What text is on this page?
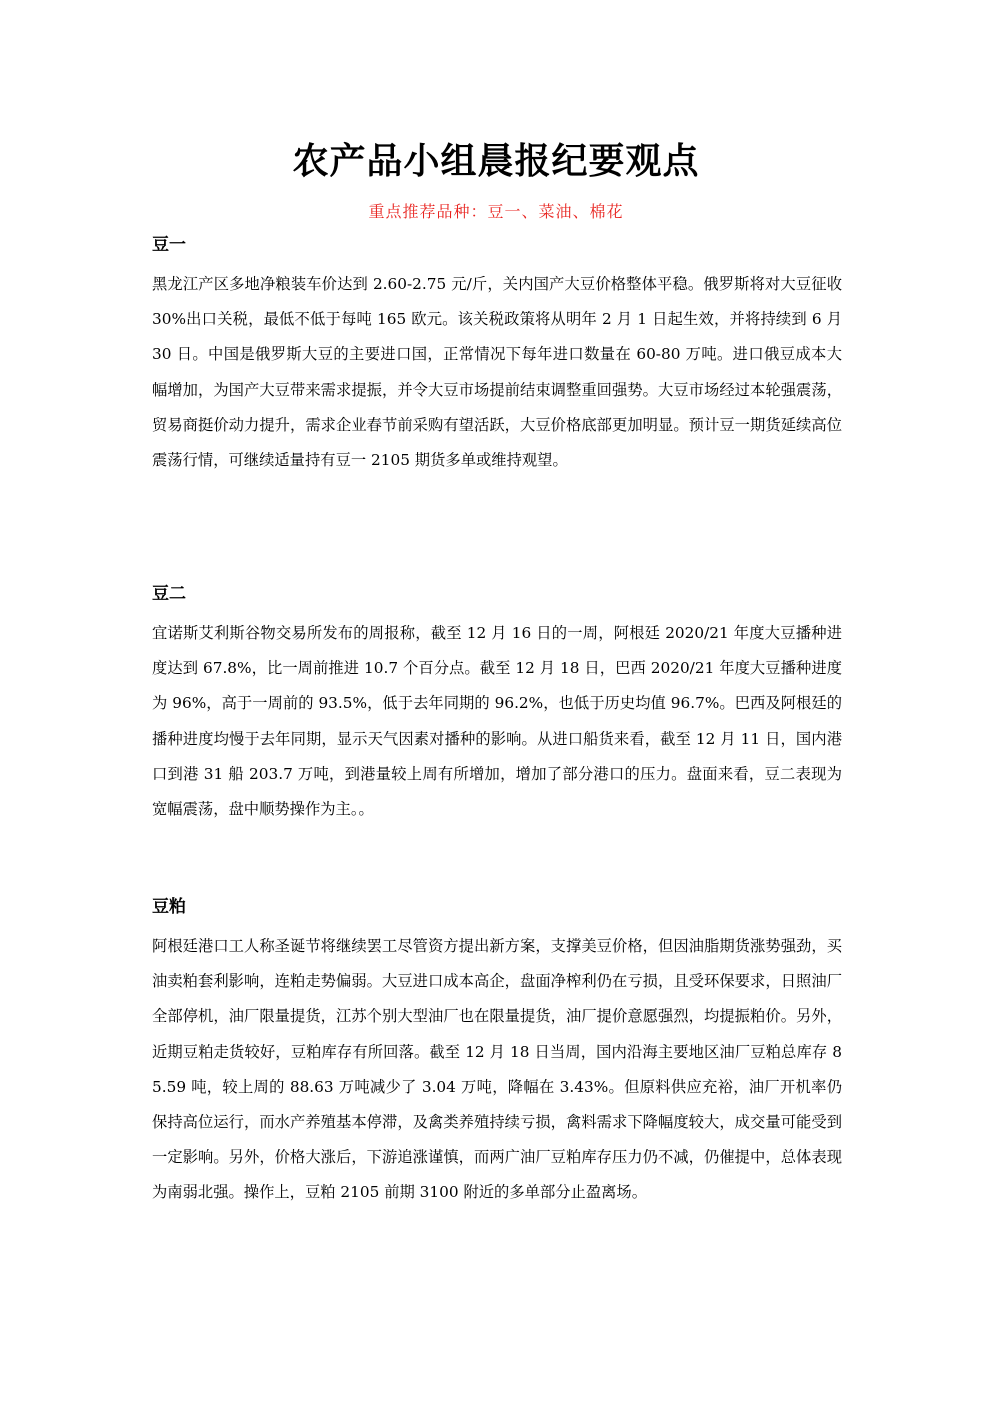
农产品小组晨报纪要观点
重点推荐品种：豆一、菜油、棉花
豆一

黑龙江产区多地净粮装车价达到 2.60-2.75 元/斤，关内国产大豆价格整体平稳。俄罗斯将对大豆征收 30%出口关税，最低不低于每吨 165 欧元。该关税政策将从明年 2 月 1 日起生效，并将持续到 6 月 30 日。中国是俄罗斯大豆的主要进口国，正常情况下每年进口数量在 60-80 万吨。进口俄豆成本大幅增加，为国产大豆带来需求提振，并令大豆市场提前结束调整重回强势。大豆市场经过本轮强震荡，贸易商挺价动力提升，需求企业春节前采购有望活跃，大豆价格底部更加明显。预计豆一期货延续高位震荡行情，可继续适量持有豆一 2105 期货多单或维持观望。

豆二

宜诺斯艾利斯谷物交易所发布的周报称，截至 12 月 16 日的一周，阿根廷 2020/21 年度大豆播种进度达到 67.8%，比一周前推进 10.7 个百分点。截至 12 月 18 日，巴西 2020/21 年度大豆播种进度为 96%，高于一周前的 93.5%，低于去年同期的 96.2%，也低于历史均值 96.7%。巴西及阿根廷的播种进度均慢于去年同期，显示天气因素对播种的影响。从进口船货来看，截至 12 月 11 日，国内港口到港 31 船 203.7 万吨，到港量较上周有所增加，增加了部分港口的压力。盘面来看，豆二表现为宽幅震荡，盘中顺势操作为主。。

豆粕

阿根廷港口工人称圣诞节将继续罢工尽管资方提出新方案，支撑美豆价格，但因油脂期货涨势强劲，买油卖粕套利影响，连粕走势偏弱。大豆进口成本高企，盘面净榨利仍在亏损，且受环保要求，日照油厂全部停机，油厂限量提货，江苏个别大型油厂也在限量提货，油厂提价意愿强烈，均提振粕价。另外，近期豆粕走货较好，豆粕库存有所回落。截至 12 月 18 日当周，国内沿海主要地区油厂豆粕总库存 85.59 吨，较上周的 88.63 万吨减少了 3.04 万吨，降幅在 3.43%。但原料供应充裕，油厂开机率仍保持高位运行，而水产养殖基本停滞，及禽类养殖持续亏损，禽料需求下降幅度较大，成交量可能受到一定影响。另外，价格大涨后，下游追涨谨慎，而两广油厂豆粕库存压力仍不减，仍催提中，总体表现为南弱北强。操作上，豆粕 2105 前期 3100 附近的多单部分止盈离场。
